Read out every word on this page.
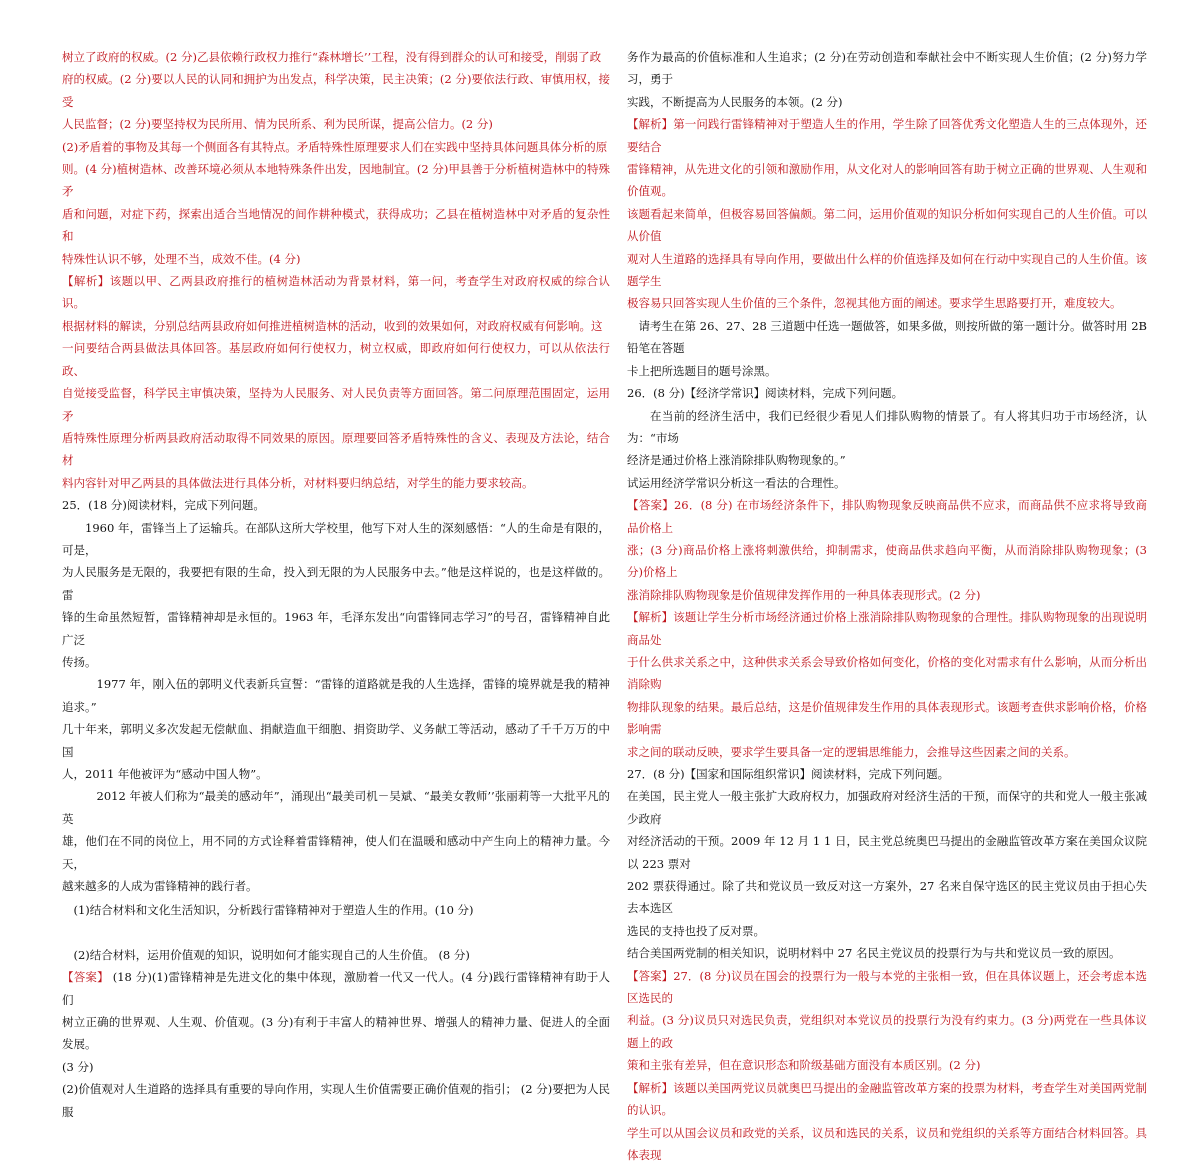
树立了政府的权威。(2 分)乙县依赖行政权力推行“森林增长’’工程，没有得到群众的认可和接受，削弱了政

府的权威。(2 分)要以人民的认同和拥护为出发点，科学决策，民主决策；(2 分)要依法行政、审慎用权，接受

人民监督；(2 分)要坚持权为民所用、情为民所系、利为民所谋，提高公信力。(2 分)

(2)矛盾着的事物及其每一个侧面各有其特点。矛盾特殊性原理要求人们在实践中坚持具体问题具体分析的原

则。(4 分)植树造林、改善环境必须从本地特殊条件出发，因地制宜。(2 分)甲县善于分析植树造林中的特殊矛

盾和问题，对症下药，探索出适合当地情况的间作耕种模式，获得成功；乙县在植树造林中对矛盾的复杂性和

特殊性认识不够，处理不当，成效不佳。(4 分)

【解析】该题以甲、乙两县政府推行的植树造林活动为背景材料，第一问，考查学生对政府权威的综合认识。

根据材料的解读，分别总结两县政府如何推进植树造林的活动，收到的效果如何，对政府权威有何影响。这

一问要结合两县做法具体回答。基层政府如何行使权力，树立权威，即政府如何行使权力，可以从依法行政、

自觉接受监督，科学民主审慎决策，坚持为人民服务、对人民负责等方面回答。第二问原理范围固定，运用矛

盾特殊性原理分析两县政府活动取得不同效果的原因。原理要回答矛盾特殊性的含义、表现及方法论，结合材

料内容针对甲乙两县的具体做法进行具体分析，对材料要归纳总结，对学生的能力要求较高。

25．(18 分)阅读材料，完成下列问题。

1960 年，雷锋当上了运输兵。在部队这所大学校里，他写下对人生的深刻感悟：“人的生命是有限的，可是，

为人民服务是无限的，我要把有限的生命，投入到无限的为人民服务中去。”他是这样说的，也是这样做的。雷

锋的生命虽然短暂，雷锋精神却是永恒的。1963 年，毛泽东发出“向雷锋同志学习”的号召，雷锋精神自此广泛

传扬。

1977 年，刚入伍的郭明义代表新兵宣誓：“雷锋的道路就是我的人生选择，雷锋的境界就是我的精神追求。”

几十年来，郭明义多次发起无偿献血、捐献造血干细胞、捐资助学、义务献工等活动，感动了千千万万的中国

人，2011 年他被评为“感动中国人物”。

2012 年被人们称为“最美的感动年”，涌现出“最美司机－吴斌、“最美女教师’’张丽莉等一大批平凡的英

雄，他们在不同的岗位上，用不同的方式诠释着雷锋精神，使人们在温暖和感动中产生向上的精神力量。今天，

越来越多的人成为雷锋精神的践行者。

(1)结合材料和文化生活知识，分析践行雷锋精神对于塑造人生的作用。(10 分)

(2)结合材料，运用价值观的知识，说明如何才能实现自己的人生价值。 (8 分)

【答案】 (18 分)(1)雷锋精神是先进文化的集中体现，激励着一代又一代人。(4 分)践行雷锋精神有助于人们

树立正确的世界观、人生观、价值观。(3 分)有利于丰富人的精神世界、增强人的精神力量、促进人的全面发展。

(3 分)

(2)价值观对人生道路的选择具有重要的导向作用，实现人生价值需要正确价值观的指引； (2 分)要把为人民服

务作为最高的价值标准和人生追求；(2 分)在劳动创造和奉献社会中不断实现人生价值；(2 分)努力学习，勇于

实践，不断提高为人民服务的本领。(2 分)

【解析】第一问践行雷锋精神对于塑造人生的作用，学生除了回答优秀文化塑造人生的三点体现外，还要结合

雷锋精神，从先进文化的引领和激励作用，从文化对人的影响回答有助于树立正确的世界观、人生观和价值观。

该题看起来简单，但极容易回答偏颇。第二问，运用价值观的知识分析如何实现自己的人生价值。可以从价值

观对人生道路的选择具有导向作用，要做出什么样的价值选择及如何在行动中实现自己的人生价值。该题学生

极容易只回答实现人生价值的三个条件，忽视其他方面的阐述。要求学生思路要打开，难度较大。

请考生在第 26、27、28 三道题中任选一题做答，如果多做，则按所做的第一题计分。做答时用 2B 铅笔在答题

卡上把所选题目的题号涂黑。

26．(8 分)【经济学常识】阅读材料，完成下列问题。

在当前的经济生活中，我们已经很少看见人们排队购物的情景了。有人将其归功于市场经济，认为：“市场

经济是通过价格上涨消除排队购物现象的。”

试运用经济学常识分析这一看法的合理性。

【答案】26．(8 分) 在市场经济条件下，排队购物现象反映商品供不应求，而商品供不应求将导致商品价格上

涨；(3 分)商品价格上涨将刺激供给，抑制需求，使商品供求趋向平衡，从而消除排队购物现象；(3 分)价格上

涨消除排队购物现象是价值规律发挥作用的一种具体表现形式。(2 分)

【解析】该题让学生分析市场经济通过价格上涨消除排队购物现象的合理性。排队购物现象的出现说明商品处

于什么供求关系之中，这种供求关系会导致价格如何变化，价格的变化对需求有什么影响，从而分析出消除购

物排队现象的结果。最后总结，这是价值规律发生作用的具体表现形式。该题考查供求影响价格，价格影响需

求之间的联动反映，要求学生要具备一定的逻辑思维能力，会推导这些因素之间的关系。

27．(8 分)【国家和国际组织常识】阅读材料，完成下列问题。

在美国，民主党人一般主张扩大政府权力，加强政府对经济生活的干预，而保守的共和党人一般主张减少政府

对经济活动的干预。2009 年 12 月 1 1 日，民主党总统奥巴马提出的金融监管改革方案在美国众议院以 223 票对

202 票获得通过。除了共和党议员一致反对这一方案外，27 名来自保守选区的民主党议员由于担心失去本选区

选民的支持也投了反对票。

结合美国两党制的相关知识，说明材料中 27 名民主党议员的投票行为与共和党议员一致的原因。

【答案】27．(8 分)议员在国会的投票行为一般与本党的主张相一致，但在具体议题上，还会考虑本选区选民的

利益。(3 分)议员只对选民负责，党组织对本党议员的投票行为没有约束力。(3 分)两党在一些具体议题上的政

策和主张有差异，但在意识形态和阶级基础方面没有本质区别。(2 分)

【解析】该题以美国两党议员就奥巴马提出的金融监管改革方案的投票为材料，考查学生对美国两党制的认识。

学生可以从国会议员和政党的关系，议员和选民的关系，议员和党组织的关系等方面结合材料回答。具体表现
